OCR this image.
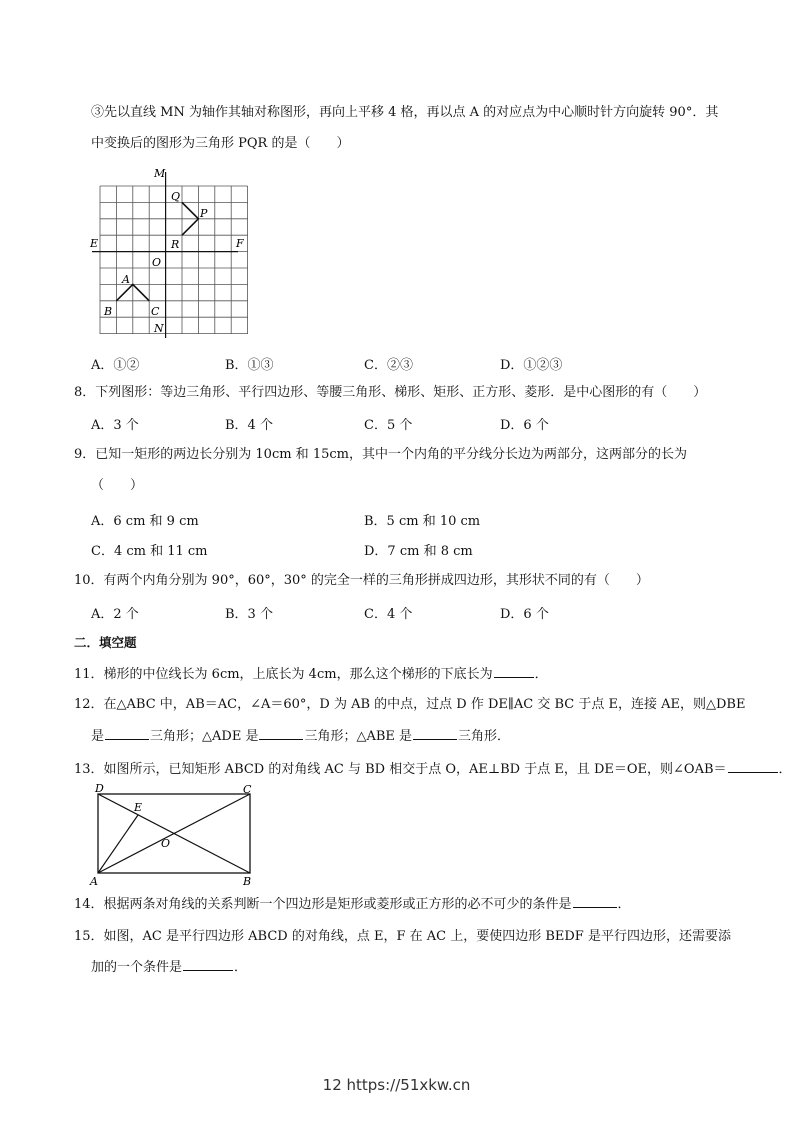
③先以直线 MN 为轴作其轴对称图形，再向上平移 4 格，再以点 A 的对应点为中心顺时针方向旋转 90°．其
中变换后的图形为三角形 PQR 的是（　　）
M
N
E	F
O
Q
P
R
A
B	C
A．①②	B．①③	C．②③	D．①②③
8．下列图形：等边三角形、平行四边形、等腰三角形、梯形、矩形、正方形、菱形．是中心图形的有（　　）
A．3 个	B．4 个	C．5 个	D．6 个
9．已知一矩形的两边长分别为 10cm 和 15cm，其中一个内角的平分线分长边为两部分，这两部分的长为
（　　）
A．6 cm 和 9 cm	B．5 cm 和 10 cm
C．4 cm 和 11 cm	D．7 cm 和 8 cm
10．有两个内角分别为 90°，60°，30° 的完全一样的三角形拼成四边形，其形状不同的有（　　）
A．2 个	B．3 个	C．4 个	D．6 个
二．填空题
11．梯形的中位线长为 6cm，上底长为 4cm，那么这个梯形的下底长为	．
12．在△ABC 中，AB＝AC，∠A＝60°，D 为 AB 的中点，过点 D 作 DE∥AC 交 BC 于点 E，连接 AE，则△DBE
是	三角形；△ADE 是	三角形；△ABE 是	三角形．
13．如图所示，已知矩形 ABCD 的对角线 AC 与 BD 相交于点 O，AE⊥BD 于点 E，且 DE＝OE，则∠OAB＝	．
D	C
A	B
E
O
14．根据两条对角线的关系判断一个四边形是矩形或菱形或正方形的必不可少的条件是	．
15．如图，AC 是平行四边形 ABCD 的对角线，点 E，F 在 AC 上，要使四边形 BEDF 是平行四边形，还需要添
加的一个条件是	．
12 https://51xkw.cn
